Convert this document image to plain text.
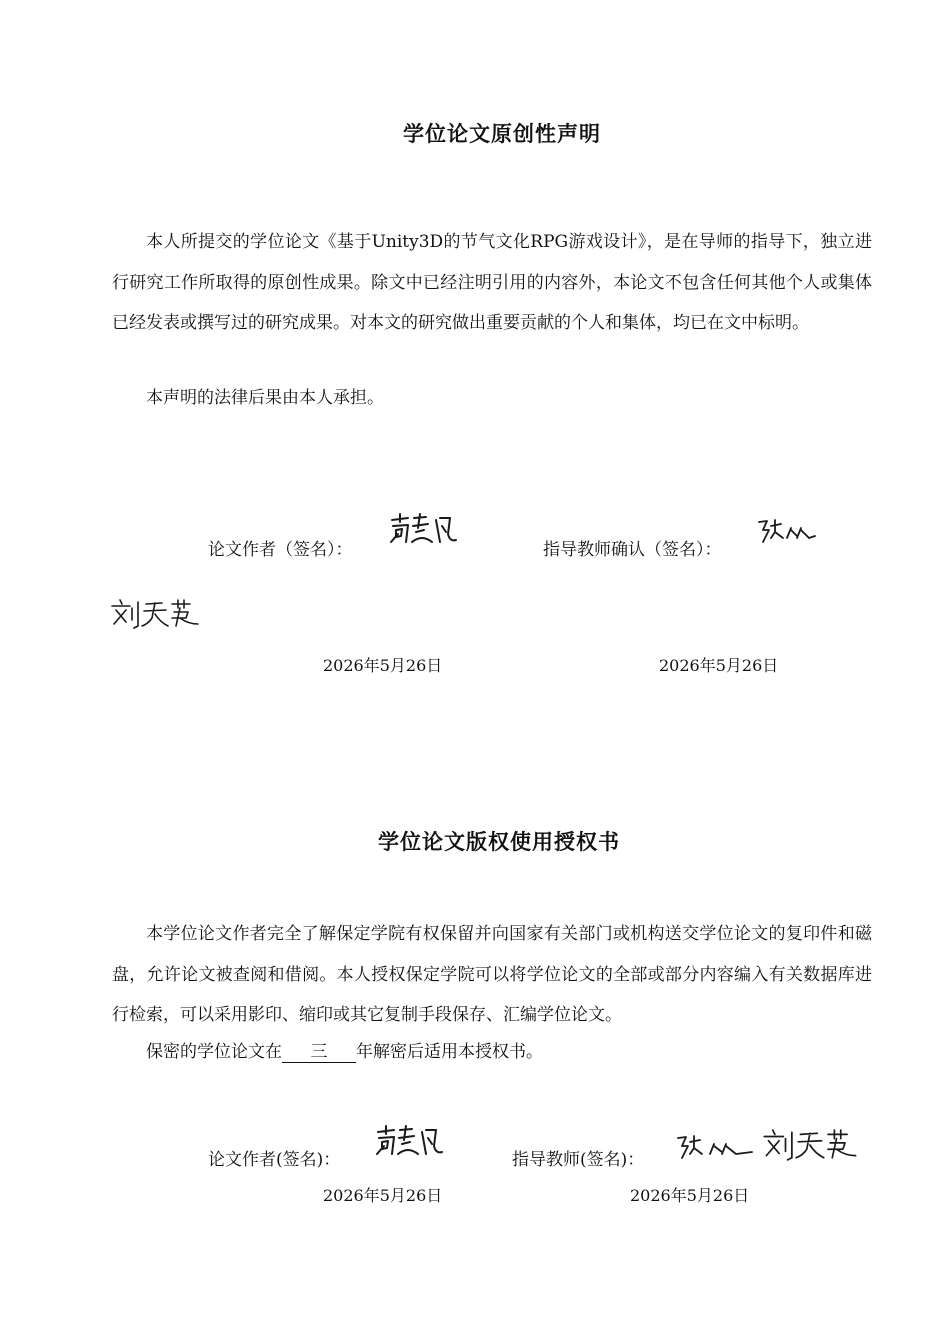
学位论文原创性声明

本人所提交的学位论文《基于Unity3D的节气文化RPG游戏设计》，是在导师的指导下，独立进行研究工作所取得的原创性成果。除文中已经注明引用的内容外，本论文不包含任何其他个人或集体已经发表或撰写过的研究成果。对本文的研究做出重要贡献的个人和集体，均已在文中标明。

本声明的法律后果由本人承担。

论文作者（签名）：	指导教师确认（签名）：
2026年5月26日	2026年5月26日
学位论文版权使用授权书

本学位论文作者完全了解保定学院有权保留并向国家有关部门或机构送交学位论文的复印件和磁盘，允许论文被查阅和借阅。本人授权保定学院可以将学位论文的全部或部分内容编入有关数据库进行检索，可以采用影印、缩印或其它复制手段保存、汇编学位论文。

保密的学位论文在 三 年解密后适用本授权书。

论文作者(签名)：	指导教师(签名)：
2026年5月26日	2026年5月26日
